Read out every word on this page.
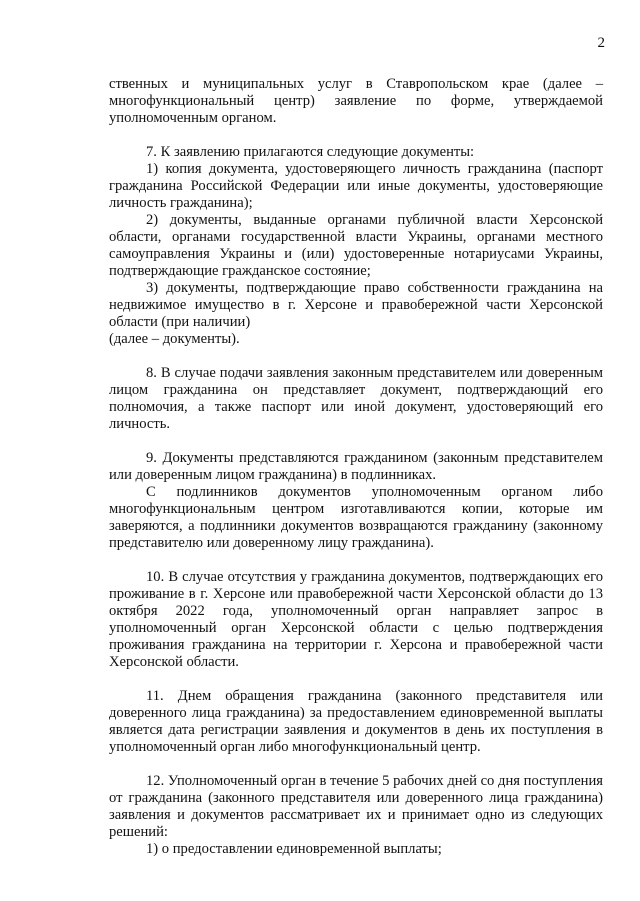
2

ственных и муниципальных услуг в Ставропольском крае (далее – многофункциональный центр) заявление по форме, утверждаемой уполномоченным органом.

7. К заявлению прилагаются следующие документы:

1) копия документа, удостоверяющего личность гражданина (паспорт гражданина Российской Федерации или иные документы, удостоверяющие личность гражданина);

2) документы, выданные органами публичной власти Херсонской области, органами государственной власти Украины, органами местного самоуправления Украины и (или) удостоверенные нотариусами Украины, подтверждающие гражданское состояние;

3) документы, подтверждающие право собственности гражданина на недвижимое имущество в г. Херсоне и правобережной части Херсонской области (при наличии)

(далее – документы).

8. В случае подачи заявления законным представителем или доверенным лицом гражданина он представляет документ, подтверждающий его полномочия, а также паспорт или иной документ, удостоверяющий его личность.

9. Документы представляются гражданином (законным представителем или доверенным лицом гражданина) в подлинниках.

С подлинников документов уполномоченным органом либо многофункциональным центром изготавливаются копии, которые им заверяются, а подлинники документов возвращаются гражданину (законному представителю или доверенному лицу гражданина).

10. В случае отсутствия у гражданина документов, подтверждающих его проживание в г. Херсоне или правобережной части Херсонской области до 13 октября 2022 года, уполномоченный орган направляет запрос в уполномоченный орган Херсонской области с целью подтверждения проживания гражданина на территории г. Херсона и правобережной части Херсонской области.

11. Днем обращения гражданина (законного представителя или доверенного лица гражданина) за предоставлением единовременной выплаты является дата регистрации заявления и документов в день их поступления в уполномоченный орган либо многофункциональный центр.

12. Уполномоченный орган в течение 5 рабочих дней со дня поступления от гражданина (законного представителя или доверенного лица гражданина) заявления и документов рассматривает их и принимает одно из следующих решений:

1) о предоставлении единовременной выплаты;
